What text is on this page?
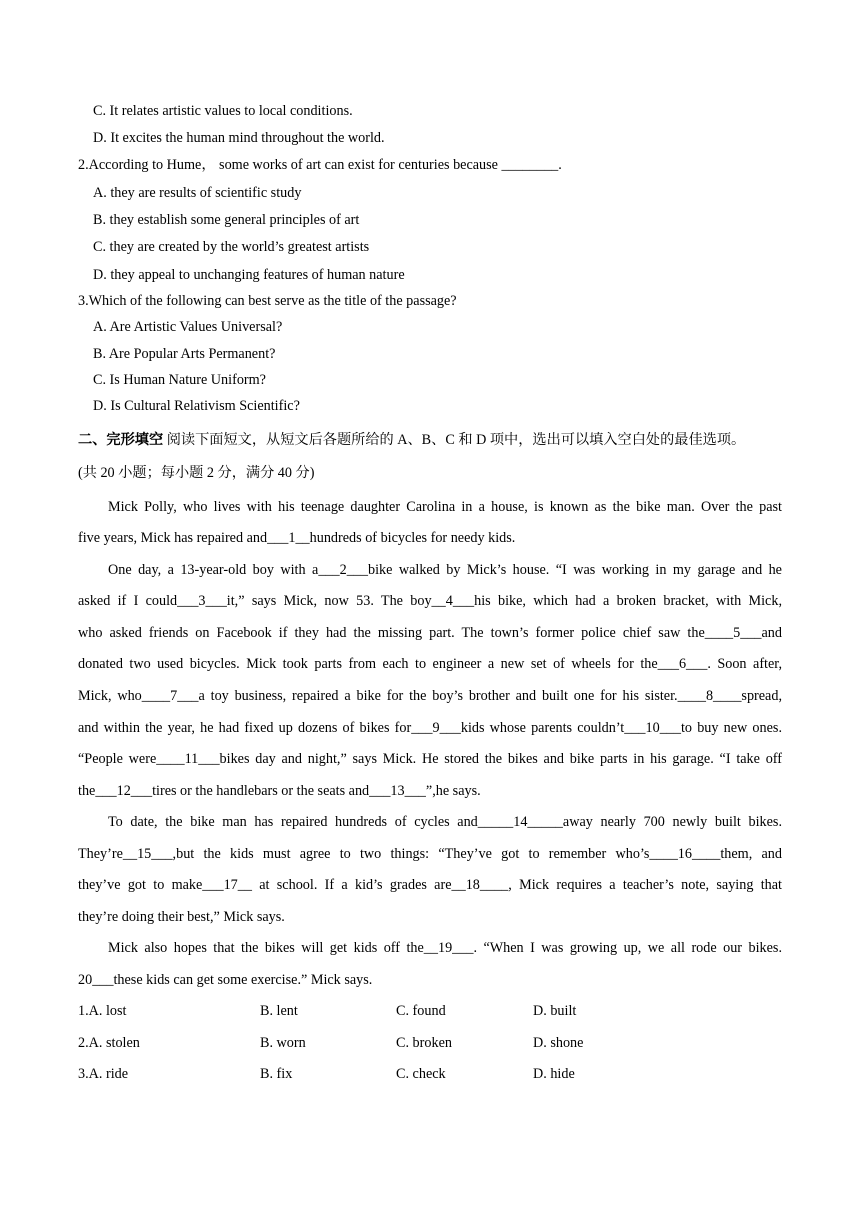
C. It relates artistic values to local conditions.
D. It excites the human mind throughout the world.
2.According to Hume， some works of art can exist for centuries because ________.
A. they are results of scientific study
B. they establish some general principles of art
C. they are created by the world’s greatest artists
D. they appeal to unchanging features of human nature
3.Which of the following can best serve as the title of the passage?
A. Are Artistic Values Universal?
B. Are Popular Arts Permanent?
C. Is Human Nature Uniform?
D. Is Cultural Relativism Scientific?
二、完形填空 阅读下面短文，从短文后各题所给的 A、B、C 和 D 项中，选出可以填入空白处的最佳选项。
(共 20 小题；每小题 2 分，满分 40 分)
Mick Polly, who lives with his teenage daughter Carolina in a house, is known as the bike man. Over the past
five years, Mick has repaired and___1__hundreds of bicycles for needy kids.
One day, a 13-year-old boy with a___2___bike walked by Mick’s house. “I was working in my garage and he
asked if I could___3___it,” says Mick, now 53. The boy__4___his bike, which had a broken bracket, with Mick,
who asked friends on Facebook if they had the missing part. The town’s former police chief saw the____5___and
donated two used bicycles. Mick took parts from each to engineer a new set of wheels for the___6___. Soon after,
Mick, who____7___a toy business, repaired a bike for the boy’s brother and built one for his sister.____8____spread,
and within the year, he had fixed up dozens of bikes for___9___kids whose parents couldn’t___10___to buy new ones.
“People were____11___bikes day and night,” says Mick. He stored the bikes and bike parts in his garage. “I take off
the___12___tires or the handlebars or the seats and___13___”,he says.
To date, the bike man has repaired hundreds of cycles and_____14_____away nearly 700 newly built bikes.
They’re__15___,but the kids must agree to two things: “They’ve got to remember who’s____16____them, and
they’ve got to make___17__ at school. If a kid’s grades are__18____, Mick requires a teacher’s note, saying that
they’re doing their best,” Mick says.
Mick also hopes that the bikes will get kids off the__19___. “When I was growing up, we all rode our bikes.
20___these kids can get some exercise.” Mick says.
1.A. lost	B. lent	C. found	D. built
2.A. stolen	B. worn	C. broken	D. shone
3.A. ride	B. fix	C. check	D. hide
